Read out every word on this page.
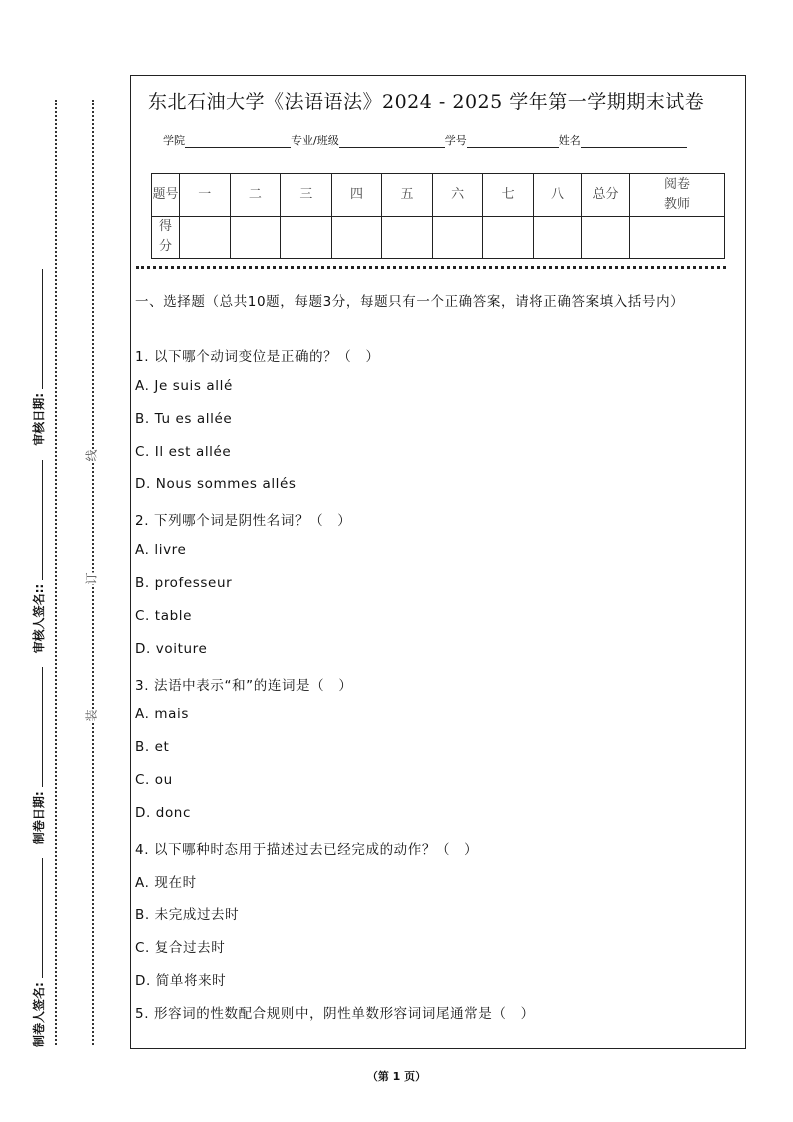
制卷人签名:
制卷日期:
审核人签名::
审核日期:
装
订
线
东北石油大学《法语语法》2024 - 2025 学年第一学期期末试卷
学院	专业/班级	学号	姓名
题号	一	二	三	四	五	六	七	八	总分	阅卷教师
得分										
一、选择题（总共10题，每题3分，每题只有一个正确答案，请将正确答案填入括号内）
1. 以下哪个动词变位是正确的？（　）
A. Je suis allé
B. Tu es allée
C. Il est allée
D. Nous sommes allés
2. 下列哪个词是阴性名词？（　）
A. livre
B. professeur
C. table
D. voiture
3. 法语中表示“和”的连词是（　）
A. mais
B. et
C. ou
D. donc
4. 以下哪种时态用于描述过去已经完成的动作？（　）
A. 现在时
B. 未完成过去时
C. 复合过去时
D. 简单将来时
5. 形容词的性数配合规则中，阴性单数形容词词尾通常是（　）
（第 1 页）
